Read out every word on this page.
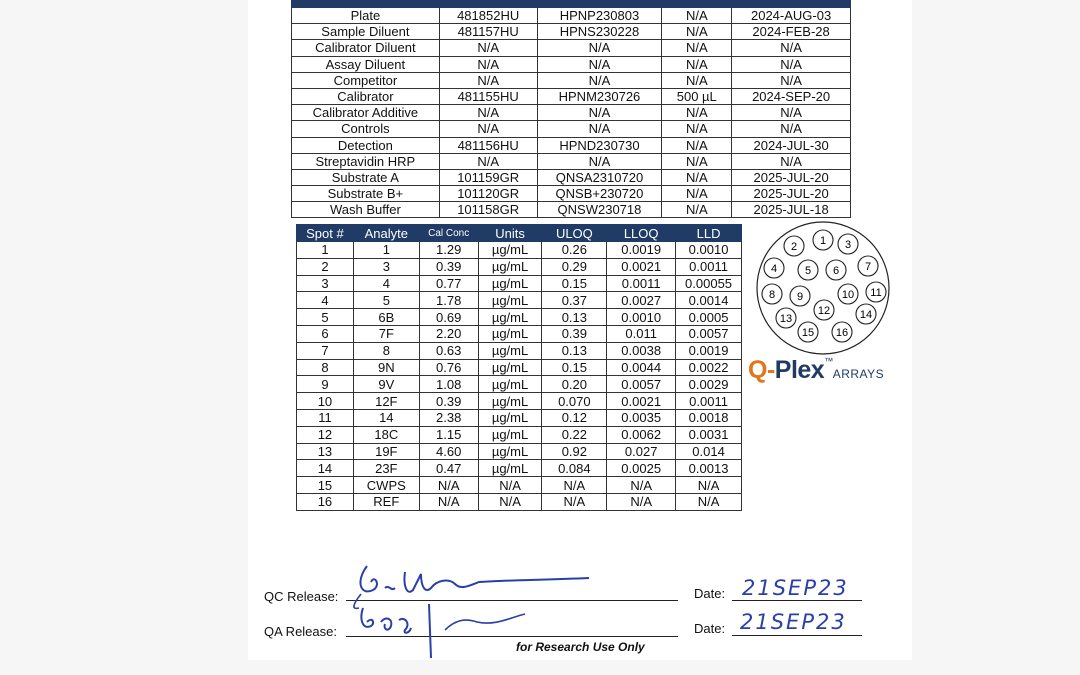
Plate	481852HU	HPNP230803	N/A	2024-AUG-03
Sample Diluent	481157HU	HPNS230228	N/A	2024-FEB-28
Calibrator Diluent	N/A	N/A	N/A	N/A
Assay Diluent	N/A	N/A	N/A	N/A
Competitor	N/A	N/A	N/A	N/A
Calibrator	481155HU	HPNM230726	500 µL	2024-SEP-20
Calibrator Additive	N/A	N/A	N/A	N/A
Controls	N/A	N/A	N/A	N/A
Detection	481156HU	HPND230730	N/A	2024-JUL-30
Streptavidin HRP	N/A	N/A	N/A	N/A
Substrate A	101159GR	QNSA2310720	N/A	2025-JUL-20
Substrate B+	101120GR	QNSB+230720	N/A	2025-JUL-20
Wash Buffer	101158GR	QNSW230718	N/A	2025-JUL-18
Spot #	Analyte	Cal Conc	Units	ULOQ	LLOQ	LLD
1	1	1.29	µg/mL	0.26	0.0019	0.0010
2	3	0.39	µg/mL	0.29	0.0021	0.0011
3	4	0.77	µg/mL	0.15	0.0011	0.00055
4	5	1.78	µg/mL	0.37	0.0027	0.0014
5	6B	0.69	µg/mL	0.13	0.0010	0.0005
6	7F	2.20	µg/mL	0.39	0.011	0.0057
7	8	0.63	µg/mL	0.13	0.0038	0.0019
8	9N	0.76	µg/mL	0.15	0.0044	0.0022
9	9V	1.08	µg/mL	0.20	0.0057	0.0029
10	12F	0.39	µg/mL	0.070	0.0021	0.0011
11	14	2.38	µg/mL	0.12	0.0035	0.0018
12	18C	1.15	µg/mL	0.22	0.0062	0.0031
13	19F	4.60	µg/mL	0.92	0.027	0.014
14	23F	0.47	µg/mL	0.084	0.0025	0.0013
15	CWPS	N/A	N/A	N/A	N/A	N/A
16	REF	N/A	N/A	N/A	N/A	N/A
1
2	3
4	5 6 7
8 9	10 11
12
13	14
15 16
Q-Plex™ARRAYS
QC Release:
QA Release:
Date: 21SEP23
Date: 21SEP23
for Research Use Only
